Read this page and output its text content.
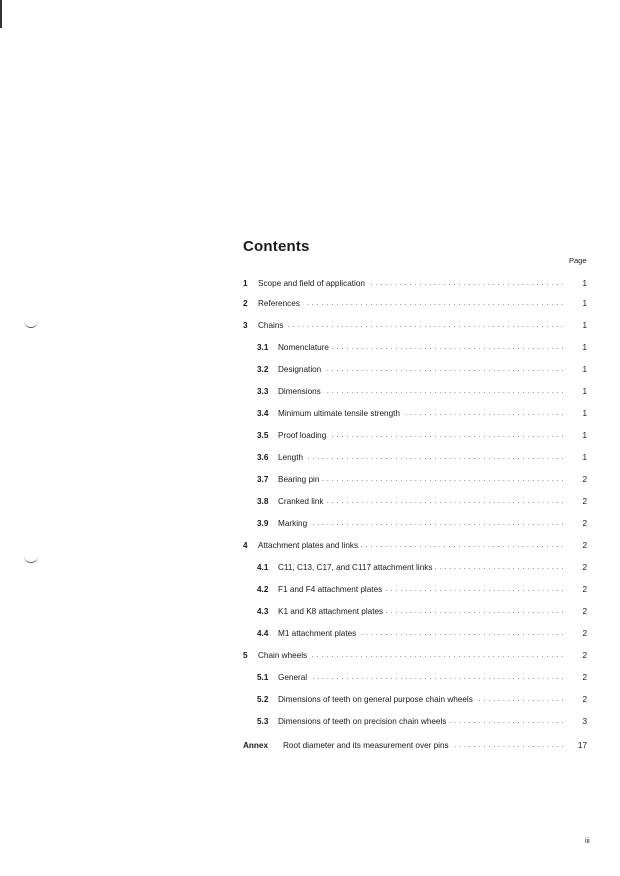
Contents
Page
1 Scope and field of application . . .	1
2 References . . .	1
3 Chains . . .	1
3.1 Nomenclature . . .	1
3.2 Designation . . .	1
3.3 Dimensions . . .	1
3.4 Minimum ultimate tensile strength . . .	1
3.5 Proof loading . . .	1
3.6 Length . . .	1
3.7 Bearing pin . . .	2
3.8 Cranked link . . .	2
3.9 Marking . . .	2
4 Attachment plates and links . . .	2
4.1 C11, C13, C17, and C117 attachment links . . .	2
4.2 F1 and F4 attachment plates . . .	2
4.3 K1 and K8 attachment plates . . .	2
4.4 M1 attachment plates . . .	2
5 Chain wheels . . .	2
5.1 General . . .	2
5.2 Dimensions of teeth on general purpose chain wheels . . .	2
5.3 Dimensions of teeth on precision chain wheels . . .	3
Annex Root diameter and its measurement over pins . . .	17
iii
